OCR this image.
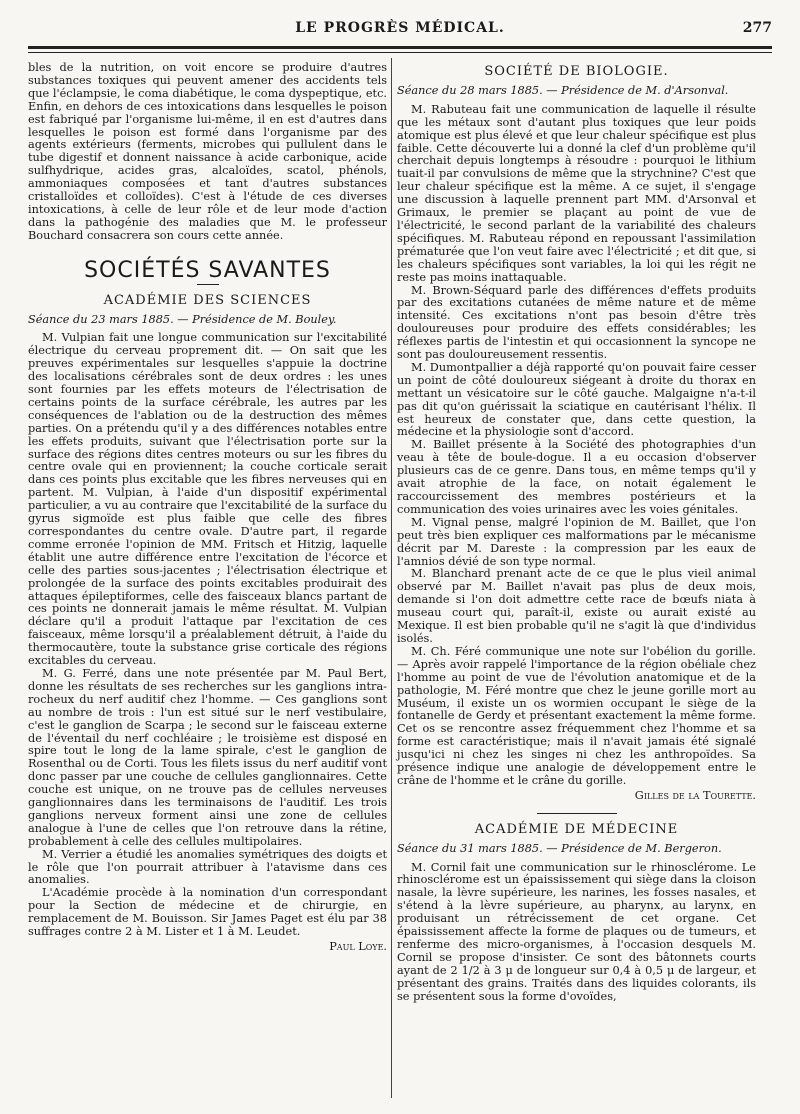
LE PROGRÈS MÉDICAL.	277

bles de la nutrition, on voit encore se produire d'autres substances toxiques qui peuvent amener des accidents tels que l'éclampsie, le coma diabétique, le coma dyspeptique, etc. Enfin, en dehors de ces intoxications dans lesquelles le poison est fabriqué par l'organisme lui-même, il en est d'autres dans lesquelles le poison est formé dans l'organisme par des agents extérieurs (ferments, microbes qui pullulent dans le tube digestif et donnent naissance à acide carbonique, acide sulfhydrique, acides gras, alcaloïdes, scatol, phénols, ammoniaques composées et tant d'autres substances cristalloïdes et colloïdes). C'est à l'étude de ces diverses intoxications, à celle de leur rôle et de leur mode d'action dans la pathogénie des maladies que M. le professeur Bouchard consacrera son cours cette année.

SOCIÉTÉS SAVANTES
ACADÉMIE DES SCIENCES

Séance du 23 mars 1885. — Présidence de M. Bouley.

M. Vulpian fait une longue communication sur l'excitabilité électrique du cerveau proprement dit. — On sait que les preuves expérimentales sur lesquelles s'appuie la doctrine des localisations cérébrales sont de deux ordres : les unes sont fournies par les effets moteurs de l'électrisation de certains points de la surface cérébrale, les autres par les conséquences de l'ablation ou de la destruction des mêmes parties. On a prétendu qu'il y a des différences notables entre les effets produits, suivant que l'électrisation porte sur la surface des régions dites centres moteurs ou sur les fibres du centre ovale qui en proviennent; la couche corticale serait dans ces points plus excitable que les fibres nerveuses qui en partent. M. Vulpian, à l'aide d'un dispositif expérimental particulier, a vu au contraire que l'excitabilité de la surface du gyrus sigmoïde est plus faible que celle des fibres correspondantes du centre ovale. D'autre part, il regarde comme erronée l'opinion de MM. Fritsch et Hitzig, laquelle établit une autre différence entre l'excitation de l'écorce et celle des parties sous-jacentes ; l'électrisation électrique et prolongée de la surface des points excitables produirait des attaques épileptiformes, celle des faisceaux blancs partant de ces points ne donnerait jamais le même résultat. M. Vulpian déclare qu'il a produit l'attaque par l'excitation de ces faisceaux, même lorsqu'il a préalablement détruit, à l'aide du thermocautère, toute la substance grise corticale des régions excitables du cerveau.

M. G. Ferré, dans une note présentée par M. Paul Bert, donne les résultats de ses recherches sur les ganglions intra-rocheux du nerf auditif chez l'homme. — Ces ganglions sont au nombre de trois : l'un est situé sur le nerf vestibulaire, c'est le ganglion de Scarpa ; le second sur le faisceau externe de l'éventail du nerf cochléaire ; le troisième est disposé en spire tout le long de la lame spirale, c'est le ganglion de Rosenthal ou de Corti. Tous les filets issus du nerf auditif vont donc passer par une couche de cellules ganglionnaires. Cette couche est unique, on ne trouve pas de cellules nerveuses ganglionnaires dans les terminaisons de l'auditif. Les trois ganglions nerveux forment ainsi une zone de cellules analogue à l'une de celles que l'on retrouve dans la rétine, probablement à celle des cellules multipolaires.

M. Verrier a étudié les anomalies symétriques des doigts et le rôle que l'on pourrait attribuer à l'atavisme dans ces anomalies.

L'Académie procède à la nomination d'un correspondant pour la Section de médecine et de chirurgie, en remplacement de M. Bouisson. Sir James Paget est élu par 38 suffrages contre 2 à M. Lister et 1 à M. Leudet.

Paul Loye.
SOCIÉTÉ DE BIOLOGIE.

Séance du 28 mars 1885. — Présidence de M. d'Arsonval.

M. Rabuteau fait une communication de laquelle il résulte que les métaux sont d'autant plus toxiques que leur poids atomique est plus élevé et que leur chaleur spécifique est plus faible. Cette découverte lui a donné la clef d'un problème qu'il cherchait depuis longtemps à résoudre : pourquoi le lithium tuait-il par convulsions de même que la strychnine? C'est que leur chaleur spécifique est la même. A ce sujet, il s'engage une discussion à laquelle prennent part MM. d'Arsonval et Grimaux, le premier se plaçant au point de vue de l'électricité, le second parlant de la variabilité des chaleurs spécifiques. M. Rabuteau répond en repoussant l'assimilation prématurée que l'on veut faire avec l'électricité ; et dit que, si les chaleurs spécifiques sont variables, la loi qui les régit ne reste pas moins inattaquable.

M. Brown-Séquard parle des différences d'effets produits par des excitations cutanées de même nature et de même intensité. Ces excitations n'ont pas besoin d'être très douloureuses pour produire des effets considérables; les réflexes partis de l'intestin et qui occasionnent la syncope ne sont pas douloureusement ressentis.

M. Dumontpallier a déjà rapporté qu'on pouvait faire cesser un point de côté douloureux siégeant à droite du thorax en mettant un vésicatoire sur le côté gauche. Malgaigne n'a-t-il pas dit qu'on guérissait la sciatique en cautérisant l'hélix. Il est heureux de constater que, dans cette question, la médecine et la physiologie sont d'accord.

M. Baillet présente à la Société des photographies d'un veau à tête de boule-dogue. Il a eu occasion d'observer plusieurs cas de ce genre. Dans tous, en même temps qu'il y avait atrophie de la face, on notait également le raccourcissement des membres postérieurs et la communication des voies urinaires avec les voies génitales.

M. Vignal pense, malgré l'opinion de M. Baillet, que l'on peut très bien expliquer ces malformations par le mécanisme décrit par M. Dareste : la compression par les eaux de l'amnios dévié de son type normal.

M. Blanchard prenant acte de ce que le plus vieil animal observé par M. Baillet n'avait pas plus de deux mois, demande si l'on doit admettre cette race de bœufs niata à museau court qui, paraît-il, existe ou aurait existé au Mexique. Il est bien probable qu'il ne s'agit là que d'individus isolés.

M. Ch. Féré communique une note sur l'obélion du gorille. — Après avoir rappelé l'importance de la région obéliale chez l'homme au point de vue de l'évolution anatomique et de la pathologie, M. Féré montre que chez le jeune gorille mort au Muséum, il existe un os wormien occupant le siège de la fontanelle de Gerdy et présentant exactement la même forme. Cet os se rencontre assez fréquemment chez l'homme et sa forme est caractéristique; mais il n'avait jamais été signalé jusqu'ici ni chez les singes ni chez les anthropoïdes. Sa présence indique une analogie de développement entre le crâne de l'homme et le crâne du gorille.

Gilles de la Tourette.
ACADÉMIE DE MÉDECINE

Séance du 31 mars 1885. — Présidence de M. Bergeron.

M. Cornil fait une communication sur le rhinosclérome. Le rhinosclérome est un épaississement qui siège dans la cloison nasale, la lèvre supérieure, les narines, les fosses nasales, et s'étend à la lèvre supérieure, au pharynx, au larynx, en produisant un rétrécissement de cet organe. Cet épaississement affecte la forme de plaques ou de tumeurs, et renferme des micro-organismes, à l'occasion desquels M. Cornil se propose d'insister. Ce sont des bâtonnets courts ayant de 2 1/2 à 3 μ de longueur sur 0,4 à 0,5 μ de largeur, et présentant des grains. Traités dans des liquides colorants, ils se présentent sous la forme d'ovoïdes,
